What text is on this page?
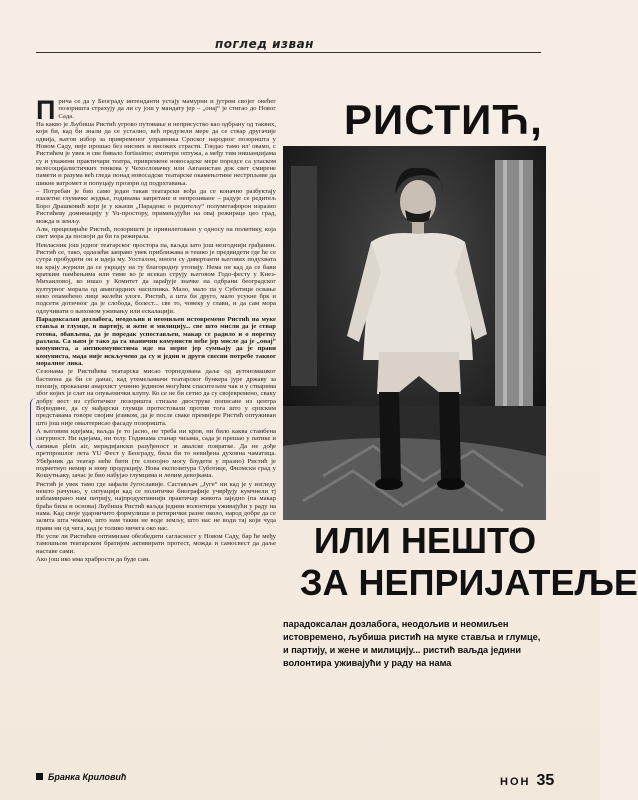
поглед изван
РИСТИЋ,
ИЛИ НЕШТО
ЗА НЕПРИЈАТЕЉЕ
парадоксалан дозлабога, неодољив и неомиљен истовремено, љубиша ристић на муке ставља и глумце, и партију, и жене и милицију... ристић ваљда једини волонтира уживајући у раду на нама

Прича се да у Београду интенданти устају мамурни и јутром својег овећег позоришта страхују да ли су још у мандату јер – „онај“ је стигао до Новог Сада.

На какво је Љубиша Ристић угрово путовање и неприсуство као одбрану од таквих, који би, кад би знали да се усталио, већ предузели мере да се ствар другачије одвија, његов избор за привременог управника Српског народног позоришта у Новом Саду, није прошао без нисних и високих страсти. Гледао тамо ил' овамо, с Ристићем је увек и све бивало fortissimo; емитери оптужа, а међу тим нишанџијама су и уважени практичари театра, привремене новосадске мере поредсе са уласком велесоцијалистичких тенкова у Чехословачку или Авганистан док свет смирене памети и разума већ гледа понад новосадске театарске окамењотине нестрпљиве да шикне ватромет и попуцају прозори од подрхтавања.

– Потребан је био само један такав театарски вођа да се коначно разбуктају изазетне глумачке жудње, годинама запретане и непрозиване – радује се редитељ Боро Драшковић који је у књизи „Парадокс о редитељу“ полуметафорон изразио Ристићеву доминацију у Yu-простору, примењујући на овај режираце цео град, можда и земљу.

Али, прецизираће Ристић, позориште је привилеговано у односу на политику, која свет мора да посвоји да би га режирала.

Невласник још једног театарског простора па, ваљда зато још незгоднији грађанин. Ристић се, тако, одлазећи заправо увек приближава и тешко је предвидети где ће се сутра пробудити он и идеја му. Уосталом, многи су дивертанти његових подухвата на крају журили да се укрцају на ту благородну утопију. Нема он кад да се бави кратким памћењима или тиме ко је исекао струју његовом Годо-фесту у Кнез-Михаиловој, ко ишао у Комитет да зарађује значке на одбрани београдског културног морала од авангардних насилника. Мало, мало па у Суботици освање неко опамећено лице желећи улоге. Ристић, а шта би друго, мало усукне брк и подсети дотичног да је слобода, болест... све то, човеку у глави, и да сам мора одлучивати о њиховом уживању или ескалацији.

Парадоксалан дозлабога, неодољив и неомиљен истовремено Ристић на муке ставља и глумце, и партију, и жене и милицију... све што мисли да је ствар готова, обављена, да је поредак успостављен, макар се радило и о поретку разлаза. Са њим је тако да га званични комунисти неће јер мисле да је „онај“ комуниста, а антикомунистима иде на нерве јер сумњају да је прави комуниста, мада није искључено да су и једни и други свесни потребе таквог моралног лика.

Сезонама је Ристићева театарска мисао торпедована даље од аутономашког бастиона да би се данас, кад утемељивачи театарског бункера јуре државу за пензију, проказани анархист учинио једином могућим спаситељем чак и у стварима због којих је слат на опуњенички клупу. Ко се не би сетио да су својевремено, сваку добру вест из суботичког позоришта стизале двоструке пописане из центра Војводине, да су мађарски глумци протестовали против тога што у српским представама говоре својим језиком, да је после сваке премијере Ристић оптуживан што још није омалтерисао фасаду позоришта.

А његовим идејама, ваљда је то јасно, не треба ни кров, ни било каква стамбена сигурност. Ни идејама, ни телу. Годинама станар чизама, сада је прешао у патике и лапињи plein air, меридијански разуђеност и авалске повратке. Да не дође претпрошлог лета YU Фест у Београду, била би то невиђена духовна чаматица. Убеђеник да театар неће бити (те слопојно могу блудети у празно) Ристић је подметнуо немир и нову продукцију. Нова експозитура Суботице, Филмски град у Кошутњаку, зачас је био набујао глумцима и лепим девојкама.

Ристић је увек тамо где зафали Југославије. Састављач „Југе“ ни кад је у изгледу нешто рачунао, у ситуацији кад се политичке биографије учврђују кумчнели тј избламирано нам патрију, најпродуктивнији практичар живота заједно (па макар браћа била и основа) Љубиша Ристић ваљда једини волонтира уживајући у раду на нама. Кад своје ударничито формулише и ретирички разне около, народ добре да се залита шта чекамо, што нам такви не воде земљу, што нас не води тај који чуда прави ни од чега, кад је толико ничега око нас.

Не успе ли Ристићев оптимизам обезбедити сагласност у Новом Саду, бар ће међу тамошњом театарском братијом активирати протест, можда и самосвест да даље наставе сами.

Ако још ико има храбрости да буде сам.

Бранка Криловић	НОН 35
